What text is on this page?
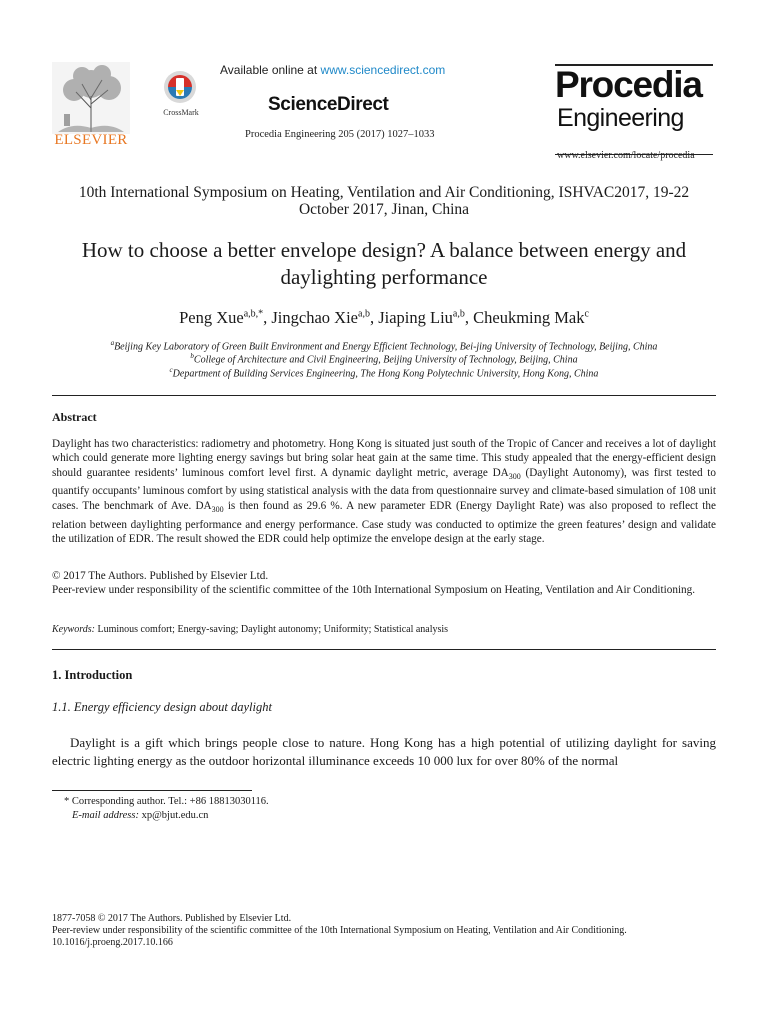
ELSEVIER
CrossMark
Available online at www.sciencedirect.com
ScienceDirect
Procedia Engineering 205 (2017) 1027–1033
Procedia
Engineering
www.elsevier.com/locate/procedia
10th International Symposium on Heating, Ventilation and Air Conditioning, ISHVAC2017, 19-22 October 2017, Jinan, China
How to choose a better envelope design? A balance between energy and daylighting performance
Peng Xue$^{a,b,*}$, Jingchao Xie$^{a,b}$, Jiaping Liu$^{a,b}$, Cheukming Mak$^c$
$^a$Beijing Key Laboratory of Green Built Environment and Energy Efficient Technology, Bei-jing University of Technology, Beijing, China
$^b$College of Architecture and Civil Engineering, Beijing University of Technology, Beijing, China
$^c$Department of Building Services Engineering, The Hong Kong Polytechnic University, Hong Kong, China
Abstract
Daylight has two characteristics: radiometry and photometry. Hong Kong is situated just south of the Tropic of Cancer and receives a lot of daylight which could generate more lighting energy savings but bring solar heat gain at the same time. This study appealed that the energy-efficient design should guarantee residents’ luminous comfort level first. A dynamic daylight metric, average $DA_{300}$ (Daylight Autonomy), was first tested to quantify occupants’ luminous comfort by using statistical analysis with the data from questionnaire survey and climate-based simulation of 108 unit cases. The benchmark of Ave. $DA_{300}$ is then found as 29.6 %. A new parameter EDR (Energy Daylight Rate) was also proposed to reflect the relation between daylighting performance and energy performance. Case study was conducted to optimize the green features’ design and validate the utilization of EDR. The result showed the EDR could help optimize the envelope design at the early stage.
© 2017 The Authors. Published by Elsevier Ltd.
Peer-review under responsibility of the scientific committee of the 10th International Symposium on Heating, Ventilation and Air Conditioning.
Keywords: Luminous comfort; Energy-saving; Daylight autonomy; Uniformity; Statistical analysis
1. Introduction
1.1. Energy efficiency design about daylight
Daylight is a gift which brings people close to nature. Hong Kong has a high potential of utilizing daylight for saving electric lighting energy as the outdoor horizontal illuminance exceeds 10 000 lux for over 80% of the normal
* Corresponding author. Tel.: +86 18813030116.
E-mail address: xp@bjut.edu.cn
1877-7058 © 2017 The Authors. Published by Elsevier Ltd.
Peer-review under responsibility of the scientific committee of the 10th International Symposium on Heating, Ventilation and Air Conditioning.
10.1016/j.proeng.2017.10.166
